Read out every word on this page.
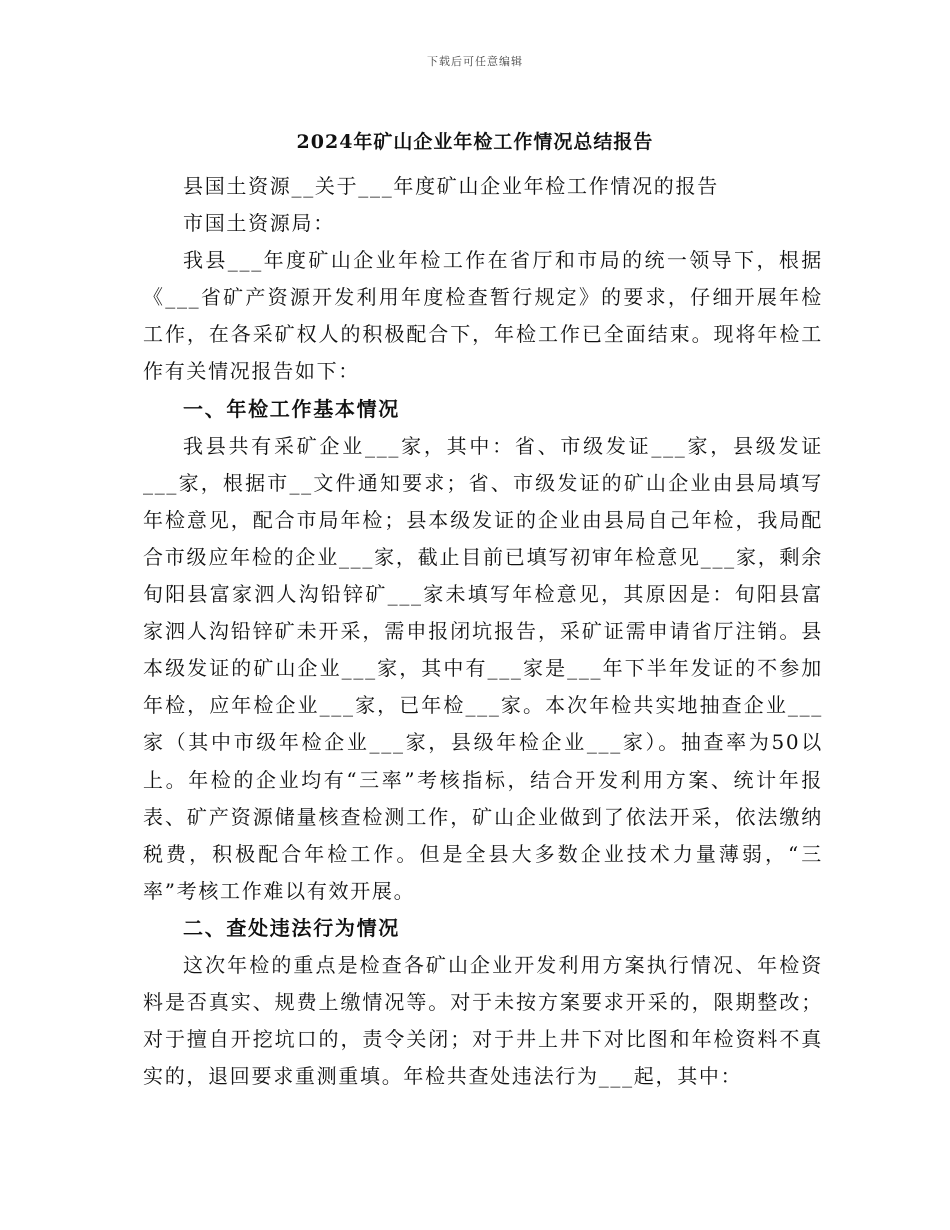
下载后可任意编辑
2024年矿山企业年检工作情况总结报告

县国土资源__关于___年度矿山企业年检工作情况的报告

市国土资源局：

我县___年度矿山企业年检工作在省厅和市局的统一领导下，根据《___省矿产资源开发利用年度检查暂行规定》的要求，仔细开展年检工作，在各采矿权人的积极配合下，年检工作已全面结束。现将年检工作有关情况报告如下：

一、年检工作基本情况

我县共有采矿企业___家，其中：省、市级发证___家，县级发证___家，根据市__文件通知要求；省、市级发证的矿山企业由县局填写年检意见，配合市局年检；县本级发证的企业由县局自己年检，我局配合市级应年检的企业___家，截止目前已填写初审年检意见___家，剩余旬阳县富家泗人沟铅锌矿___家未填写年检意见，其原因是：旬阳县富家泗人沟铅锌矿未开采，需申报闭坑报告，采矿证需申请省厅注销。县本级发证的矿山企业___家，其中有___家是___年下半年发证的不参加年检，应年检企业___家，已年检___家。本次年检共实地抽查企业___家（其中市级年检企业___家，县级年检企业___家）。抽查率为50以上。年检的企业均有“三率”考核指标，结合开发利用方案、统计年报表、矿产资源储量核查检测工作，矿山企业做到了依法开采，依法缴纳税费，积极配合年检工作。但是全县大多数企业技术力量薄弱，“三率”考核工作难以有效开展。

二、查处违法行为情况

这次年检的重点是检查各矿山企业开发利用方案执行情况、年检资料是否真实、规费上缴情况等。对于未按方案要求开采的，限期整改；对于擅自开挖坑口的，责令关闭；对于井上井下对比图和年检资料不真实的，退回要求重测重填。年检共查处违法行为___起，其中：
